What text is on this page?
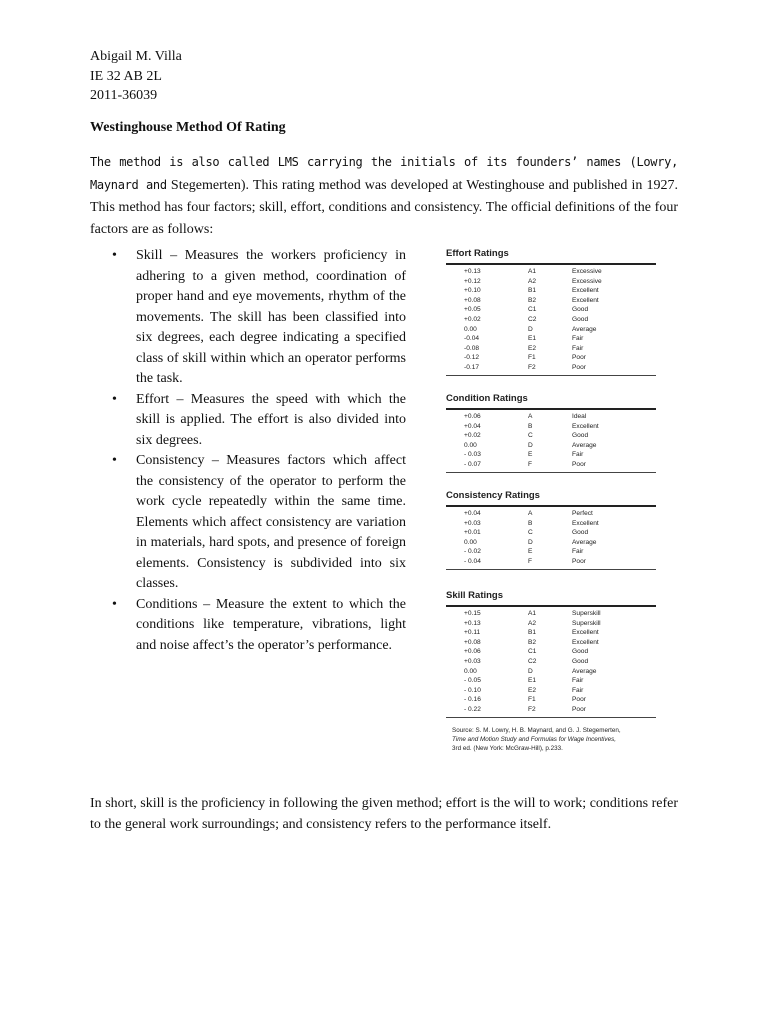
Abigail M. Villa
IE 32 AB 2L
2011-36039
Westinghouse Method Of Rating
The method is also called LMS carrying the initials of its founders’ names (Lowry, Maynard and Stegemerten). This rating method was developed at Westinghouse and published in 1927. This method has four factors; skill, effort, conditions and consistency. The official definitions of the four factors are as follows:
• Skill – Measures the workers proficiency in adhering to a given method, coordination of proper hand and eye movements, rhythm of the movements. The skill has been classified into six degrees, each degree indicating a specified class of skill within which an operator performs the task.
• Effort – Measures the speed with which the skill is applied. The effort is also divided into six degrees.
• Consistency – Measures factors which affect the consistency of the operator to perform the work cycle repeatedly within the same time. Elements which affect consistency are variation in materials, hard spots, and presence of foreign elements. Consistency is subdivided into six classes.
• Conditions – Measure the extent to which the conditions like temperature, vibrations, light and noise affect’s the operator’s performance.
Effort Ratings
+0.13	A1	Excessive
+0.12	A2	Excessive
+0.10	B1	Excellent
+0.08	B2	Excellent
+0.05	C1	Good
+0.02	C2	Good
0.00	D	Average
-0.04	E1	Fair
-0.08	E2	Fair
-0.12	F1	Poor
-0.17	F2	Poor
Condition Ratings
+0.06	A	Ideal
+0.04	B	Excellent
+0.02	C	Good
0.00	D	Average
- 0.03	E	Fair
- 0.07	F	Poor
Consistency Ratings
+0.04	A	Perfect
+0.03	B	Excellent
+0.01	C	Good
0.00	D	Average
- 0.02	E	Fair
- 0.04	F	Poor
Skill Ratings
+0.15	A1	Superskill
+0.13	A2	Superskill
+0.11	B1	Excellent
+0.08	B2	Excellent
+0.06	C1	Good
+0.03	C2	Good
0.00	D	Average
- 0.05	E1	Fair
- 0.10	E2	Fair
- 0.16	F1	Poor
- 0.22	F2	Poor
Source: S. M. Lowry, H. B. Maynard, and G. J. Stegemerten,
Time and Motion Study and Formulas for Wage Incentives,
3rd ed. (New York: McGraw-Hill), p.233.
In short, skill is the proficiency in following the given method; effort is the will to work; conditions refer to the general work surroundings; and consistency refers to the performance itself.
